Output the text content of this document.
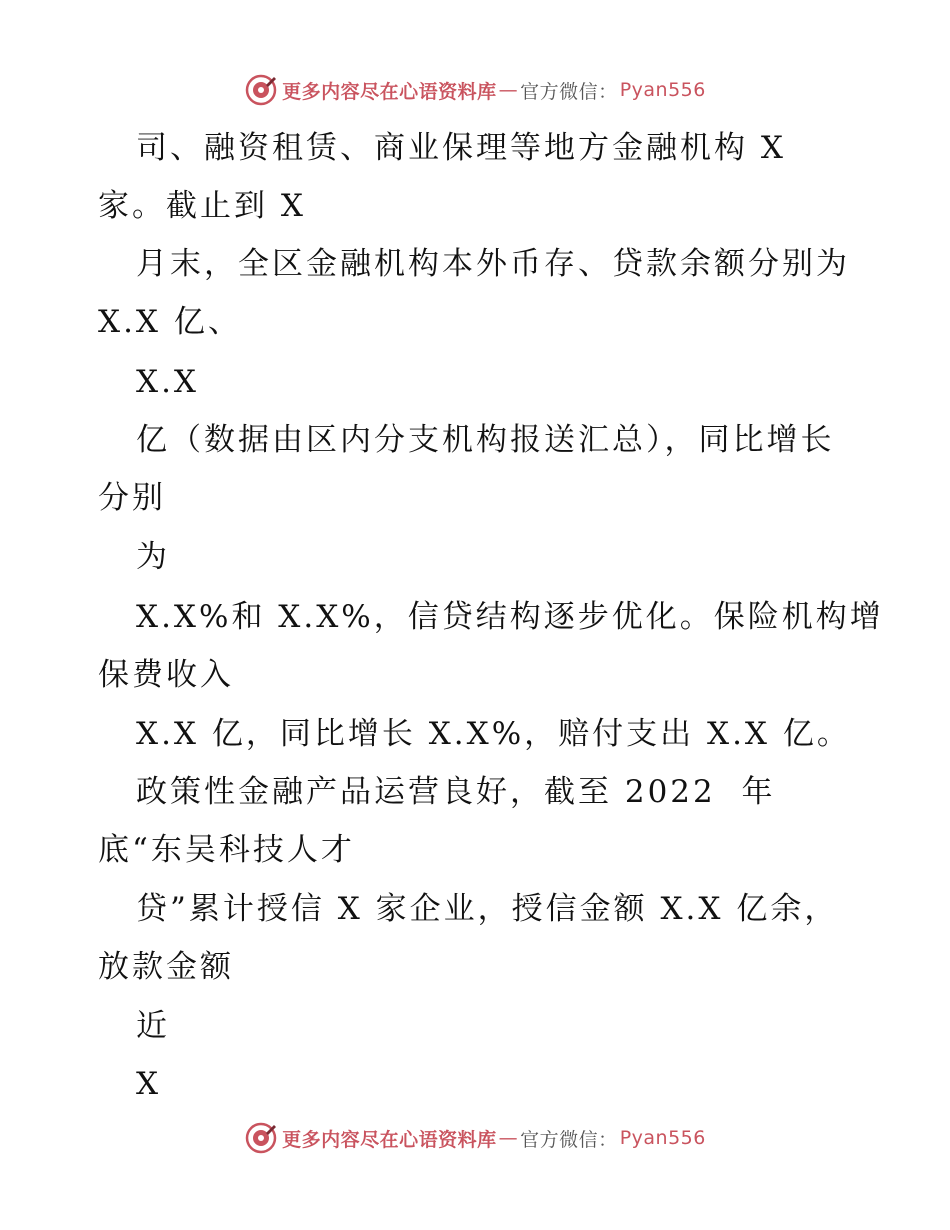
更多内容尽在心语资料库 — 官方微信： Pyan556
司、融资租赁、商业保理等地方金融机构 X
家。截止到 X
月末，全区金融机构本外币存、贷款余额分别为
X.X 亿、
X.X
亿（数据由区内分支机构报送汇总），同比增长
分别
为
X.X%和 X.X%，信贷结构逐步优化。保险机构增
保费收入
X.X 亿，同比增长 X.X%，赔付支出 X.X 亿。
政策性金融产品运营良好，截至 2022  年
底“东吴科技人才
贷”累计授信 X 家企业，授信金额 X.X 亿余，
放款金额
近
X
更多内容尽在心语资料库 — 官方微信： Pyan556
